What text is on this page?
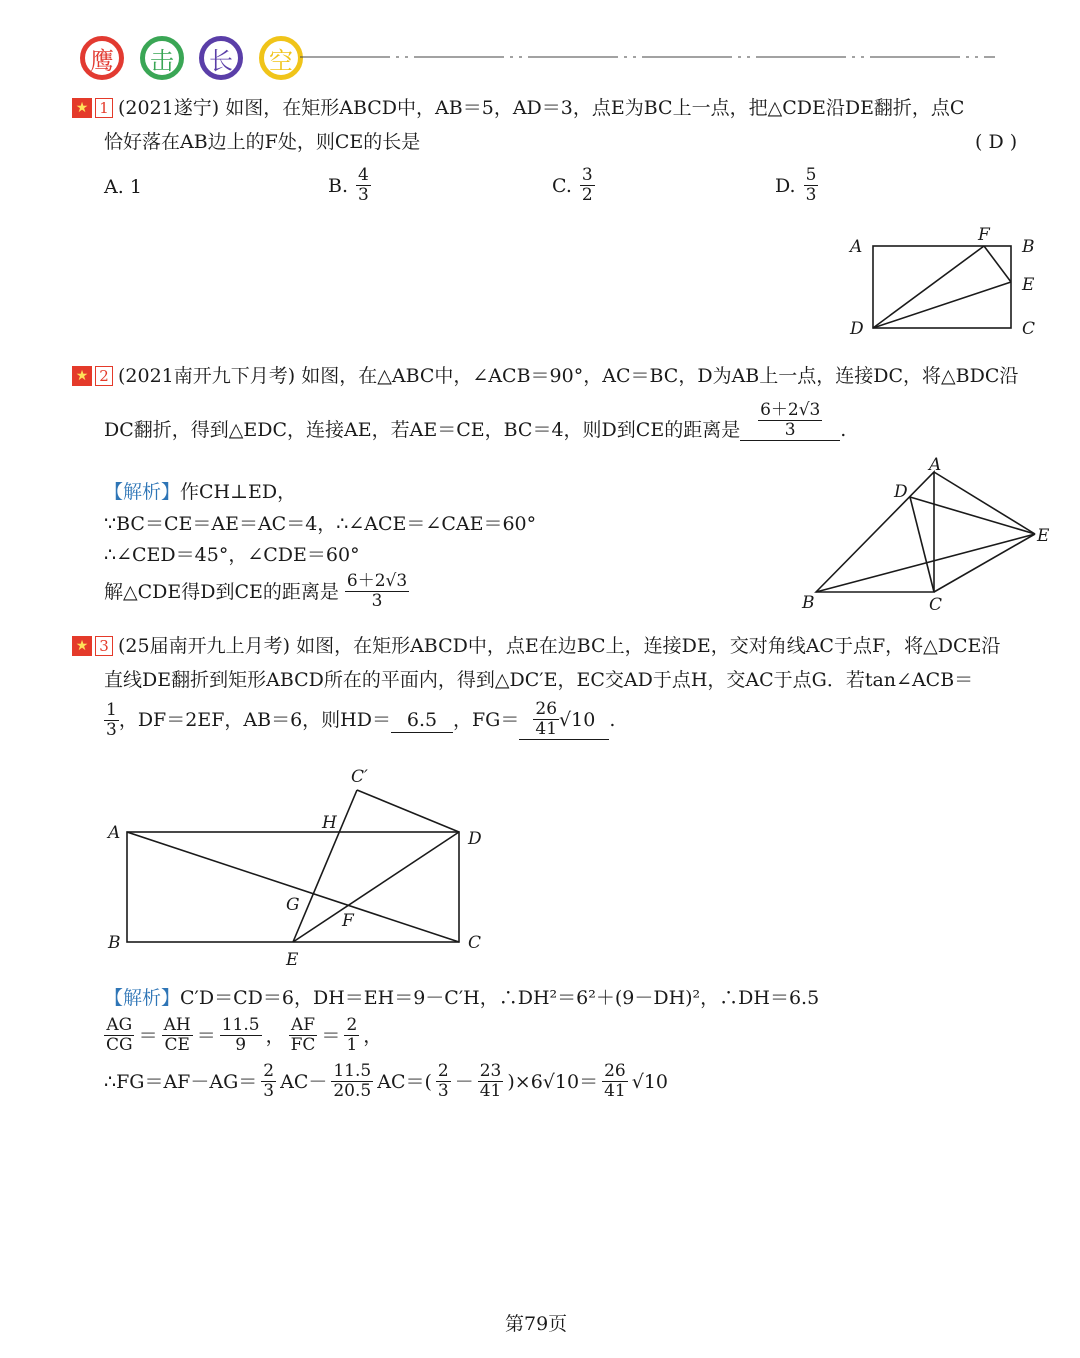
鹰	击	长	空
★ 1 (2021遂宁) 如图，在矩形ABCD中，AB＝5，AD＝3，点E为BC上一点，把△CDE沿DE翻折，点C
恰好落在AB边上的F处，则CE的长是	( D )
A. 1	B. $\frac{4}{3}$	C. $\frac{3}{2}$	D. $\frac{5}{3}$
A
F
B
E
D	C
★ 2 (2021南开九下月考) 如图，在△ABC中，∠ACB＝90°，AC＝BC，D为AB上一点，连接DC，将△BDC沿
DC翻折，得到△EDC，连接AE，若AE＝CE，BC＝4，则D到CE的距离是 $\frac{6+2√3}{3}$ .
【解析】作CH⊥ED，
∵BC＝CE＝AE＝AC＝4，∴∠ACE＝∠CAE＝60°
∴∠CED＝45°，∠CDE＝60°
解△CDE得D到CE的距离是 $\frac{6+2√3}{3}$
A
D
E
B	C
★ 3 (25届南开九上月考) 如图，在矩形ABCD中，点E在边BC上，连接DE，交对角线AC于点F，将△DCE沿
直线DE翻折到矩形ABCD所在的平面内，得到△DC′E，EC交AD于点H，交AC于点G．若tan∠ACB＝
$\frac{1}{3}$ ，DF＝2EF，AB＝6，则HD＝ 6.5 ，$FG= \frac{26}{41} √10$ .
C′
A	H
D
G
F
B
E
C
【解析】C′D＝CD＝6，DH＝EH＝9－C′H，∴DH²＝6²＋(9－DH)²，∴DH＝6.5
$\frac{AG}{CG} = \frac{AH}{CE} = \frac{11.5}{9}$ ， $\frac{AF}{FC} = \frac{2}{1}$ ，
∴FG＝AF－AG＝ $\frac{2}{3} AC- \frac{11.5}{20.5} AC=( \frac{2}{3} - \frac{23}{41} )\times 6√10= \frac{26}{41} √10$
第79页
